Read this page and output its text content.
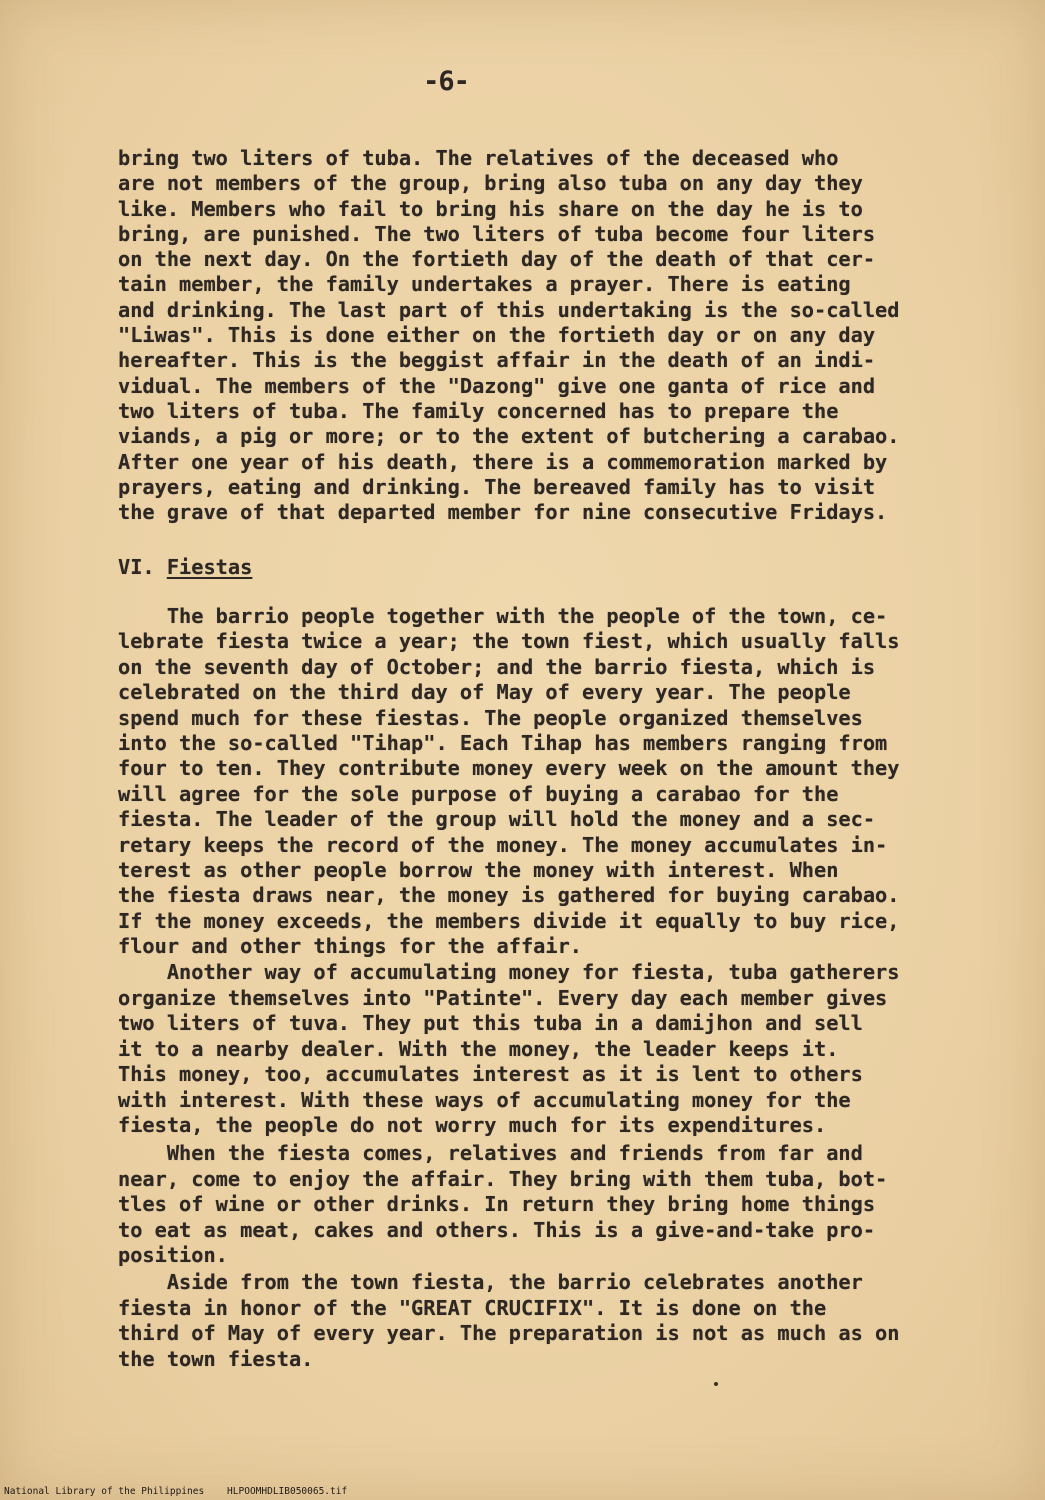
-6-
bring two liters of tuba. The relatives of the deceased who
are not members of the group, bring also tuba on any day they
like. Members who fail to bring his share on the day he is to
bring, are punished. The two liters of tuba become four liters
on the next day. On the fortieth day of the death of that cer-
tain member, the family undertakes a prayer. There is eating
and drinking. The last part of this undertaking is the so-called
"Liwas". This is done either on the fortieth day or on any day
hereafter. This is the beggist affair in the death of an indi-
vidual. The members of the "Dazong" give one ganta of rice and
two liters of tuba. The family concerned has to prepare the
viands, a pig or more; or to the extent of butchering a carabao.
After one year of his death, there is a commemoration marked by
prayers, eating and drinking. The bereaved family has to visit
the grave of that departed member for nine consecutive Fridays.
VI. Fiestas
The barrio people together with the people of the town, ce-
lebrate fiesta twice a year; the town fiest, which usually falls
on the seventh day of October; and the barrio fiesta, which is
celebrated on the third day of May of every year. The people
spend much for these fiestas. The people organized themselves
into the so-called "Tihap". Each Tihap has members ranging from
four to ten. They contribute money every week on the amount they
will agree for the sole purpose of buying a carabao for the
fiesta. The leader of the group will hold the money and a sec-
retary keeps the record of the money. The money accumulates in-
terest as other people borrow the money with interest. When
the fiesta draws near, the money is gathered for buying carabao.
If the money exceeds, the members divide it equally to buy rice,
flour and other things for the affair.
Another way of accumulating money for fiesta, tuba gatherers
organize themselves into "Patinte". Every day each member gives
two liters of tuva. They put this tuba in a damijhon and sell
it to a nearby dealer. With the money, the leader keeps it.
This money, too, accumulates interest as it is lent to others
with interest. With these ways of accumulating money for the
fiesta, the people do not worry much for its expenditures.
When the fiesta comes, relatives and friends from far and
near, come to enjoy the affair. They bring with them tuba, bot-
tles of wine or other drinks. In return they bring home things
to eat as meat, cakes and others. This is a give-and-take pro-
position.
Aside from the town fiesta, the barrio celebrates another
fiesta in honor of the "GREAT CRUCIFIX". It is done on the
third of May of every year. The preparation is not as much as on
the town fiesta.
National Library of the Philippines    HLPOOMHDLIB050065.tif
